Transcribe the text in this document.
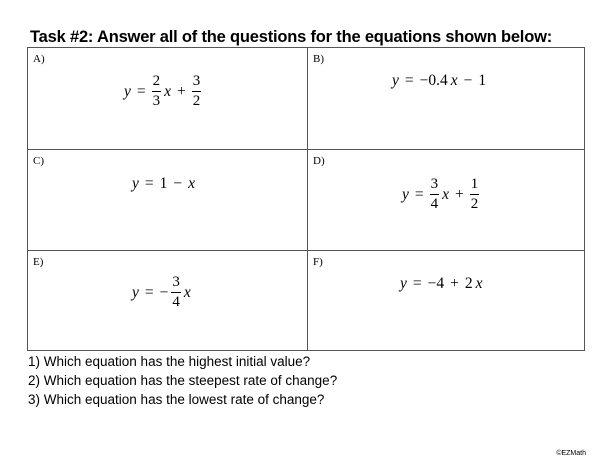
Task #2: Answer all of the questions for the equations shown below:
A)
$y = \frac{2}{3}$ $x + \frac{3}{2}$
B)
y = −0.4 x − 1
C)
y = 1 − x
D)
$y = \frac{3}{4}$ $x + \frac{1}{2}$
E)
y = − $\frac{3}{4}$ x
F)
y = −4 + 2 x
1) Which equation has the highest initial value?
2) Which equation has the steepest rate of change?
3) Which equation has the lowest rate of change?
©EZMath
